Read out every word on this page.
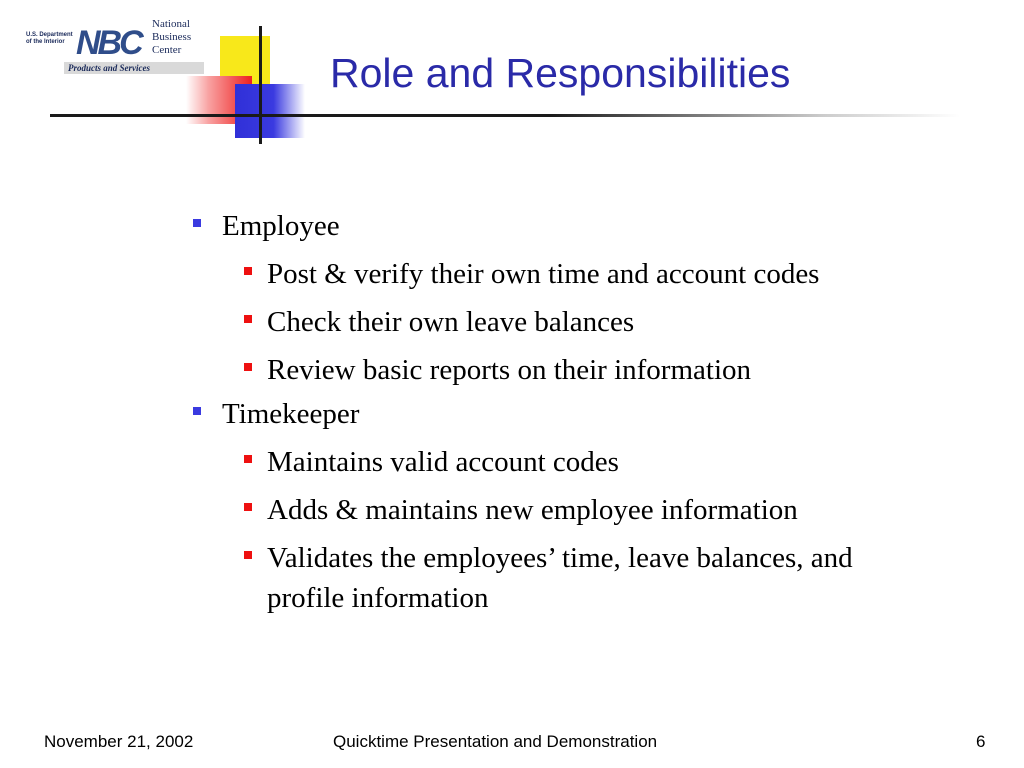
U.S. Department of the Interior NBC National
Business
Center
Products and Services	Role and Responsibilities
Employee
Post & verify their own time and account codes
Check their own leave balances
Review basic reports on their information
Timekeeper
Maintains valid account codes
Adds & maintains new employee information
Validates the employees’ time, leave balances, and profile information
November 21, 2002	Quicktime Presentation and Demonstration	6
